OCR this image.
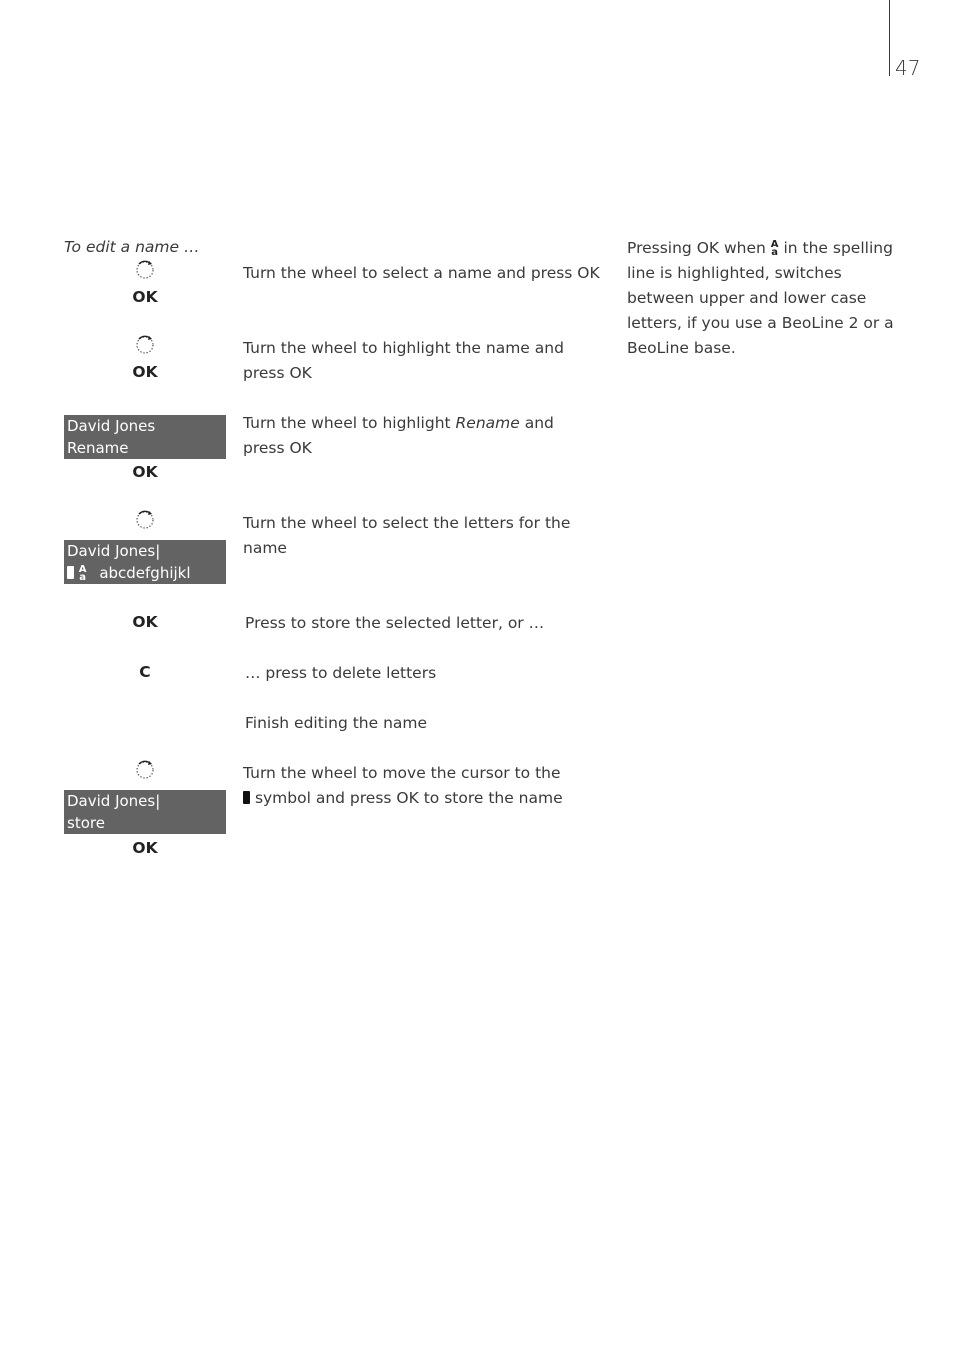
47
To edit a name …
OK
Turn the wheel to select a name and press OK
OK
Turn the wheel to highlight the name and press OK
David Jones
Rename
OK
Turn the wheel to highlight Rename and press OK
Turn the wheel to select the letters for the name
David Jones|
A
a abcdefghijkl
OK	Press to store the selected letter, or …
C	… press to delete letters
Finish editing the name
Turn the wheel to move the cursor to the
symbol and press OK to store the name
David Jones|
store
OK
Pressing OK when A
a in the spelling line is highlighted, switches between upper and lower case letters, if you use a BeoLine 2 or a BeoLine base.
